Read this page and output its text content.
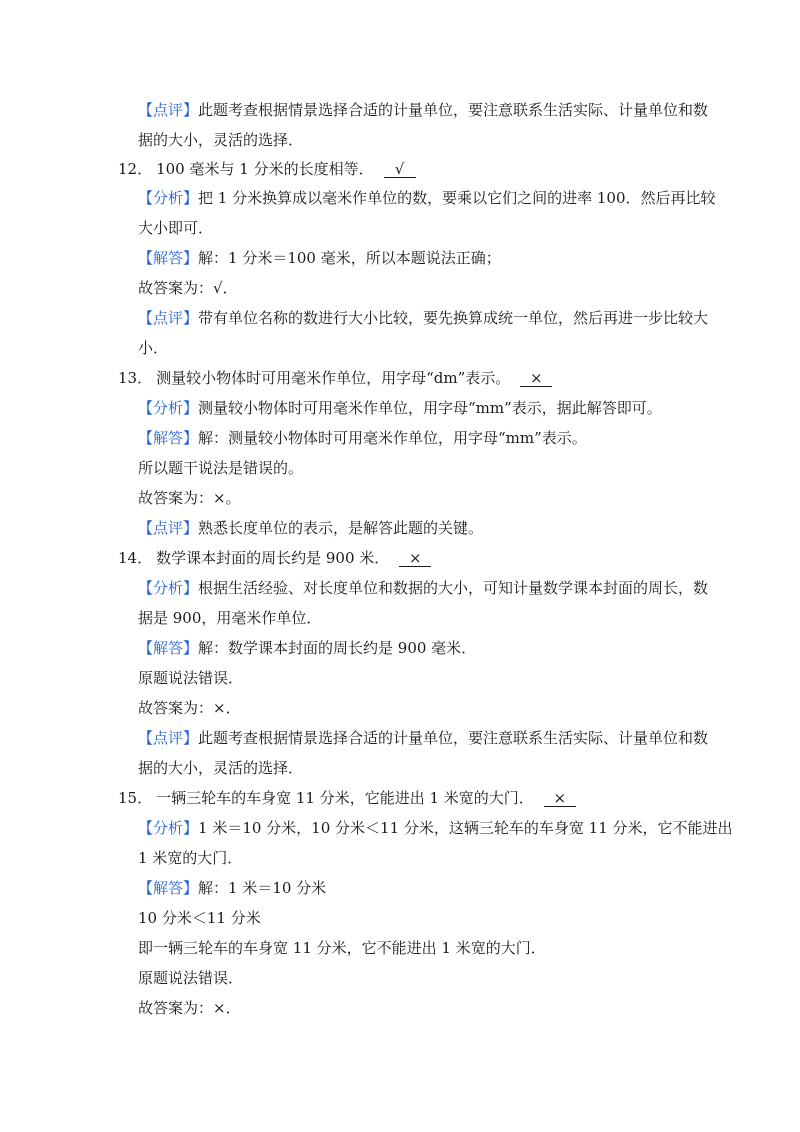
【点评】此题考查根据情景选择合适的计量单位，要注意联系生活实际、计量单位和数
据的大小，灵活的选择．
12． 100 毫米与 1 分米的长度相等． √
【分析】把 1 分米换算成以毫米作单位的数，要乘以它们之间的进率 100．然后再比较
大小即可．
【解答】解：1 分米＝100 毫米，所以本题说法正确；
故答案为：√．
【点评】带有单位名称的数进行大小比较，要先换算成统一单位，然后再进一步比较大
小．
13． 测量较小物体时可用毫米作单位，用字母“dm”表示。 ×
【分析】测量较小物体时可用毫米作单位，用字母“mm”表示，据此解答即可。
【解答】解：测量较小物体时可用毫米作单位，用字母“mm”表示。
所以题干说法是错误的。
故答案为：×。
【点评】熟悉长度单位的表示，是解答此题的关键。
14． 数学课本封面的周长约是 900 米． ×
【分析】根据生活经验、对长度单位和数据的大小，可知计量数学课本封面的周长，数
据是 900，用毫米作单位．
【解答】解：数学课本封面的周长约是 900 毫米．
原题说法错误．
故答案为：×．
【点评】此题考查根据情景选择合适的计量单位，要注意联系生活实际、计量单位和数
据的大小，灵活的选择．
15． 一辆三轮车的车身宽 11 分米，它能进出 1 米宽的大门． ×
【分析】1 米＝10 分米，10 分米＜11 分米，这辆三轮车的车身宽 11 分米，它不能进出
1 米宽的大门．
【解答】解：1 米＝10 分米
10 分米＜11 分米
即一辆三轮车的车身宽 11 分米，它不能进出 1 米宽的大门．
原题说法错误．
故答案为：×．
